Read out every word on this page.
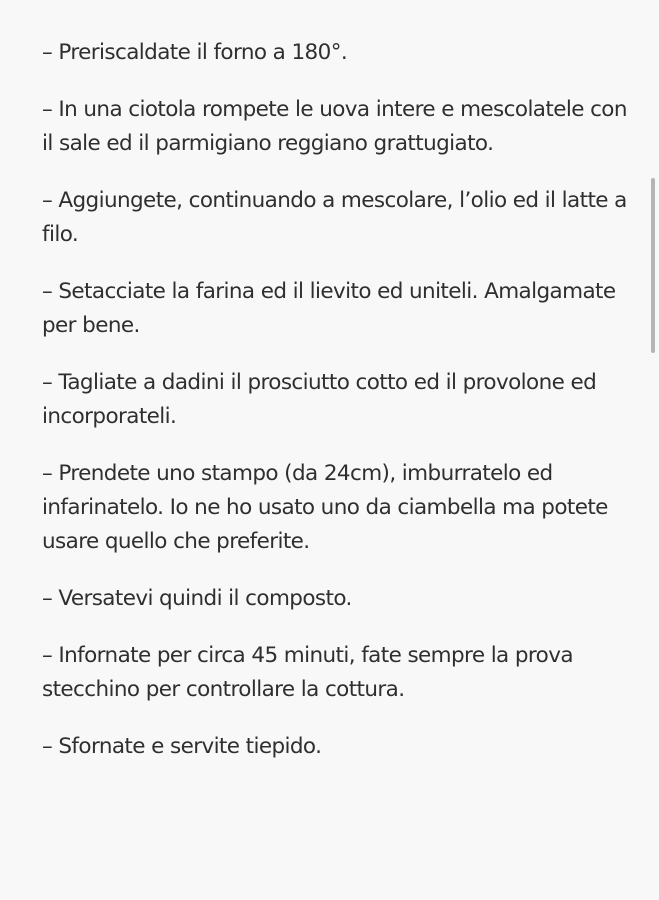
– Preriscaldate il forno a 180°.

– In una ciotola rompete le uova intere e mescolatele con il sale ed il parmigiano reggiano grattugiato.

– Aggiungete, continuando a mescolare, l’olio ed il latte a filo.

– Setacciate la farina ed il lievito ed uniteli. Amalgamate per bene.

– Tagliate a dadini il prosciutto cotto ed il provolone ed incorporateli.

– Prendete uno stampo (da 24cm), imburratelo ed infarinatelo. Io ne ho usato uno da ciambella ma potete usare quello che preferite.

– Versatevi quindi il composto.

– Infornate per circa 45 minuti, fate sempre la prova stecchino per controllare la cottura.

– Sfornate e servite tiepido.
